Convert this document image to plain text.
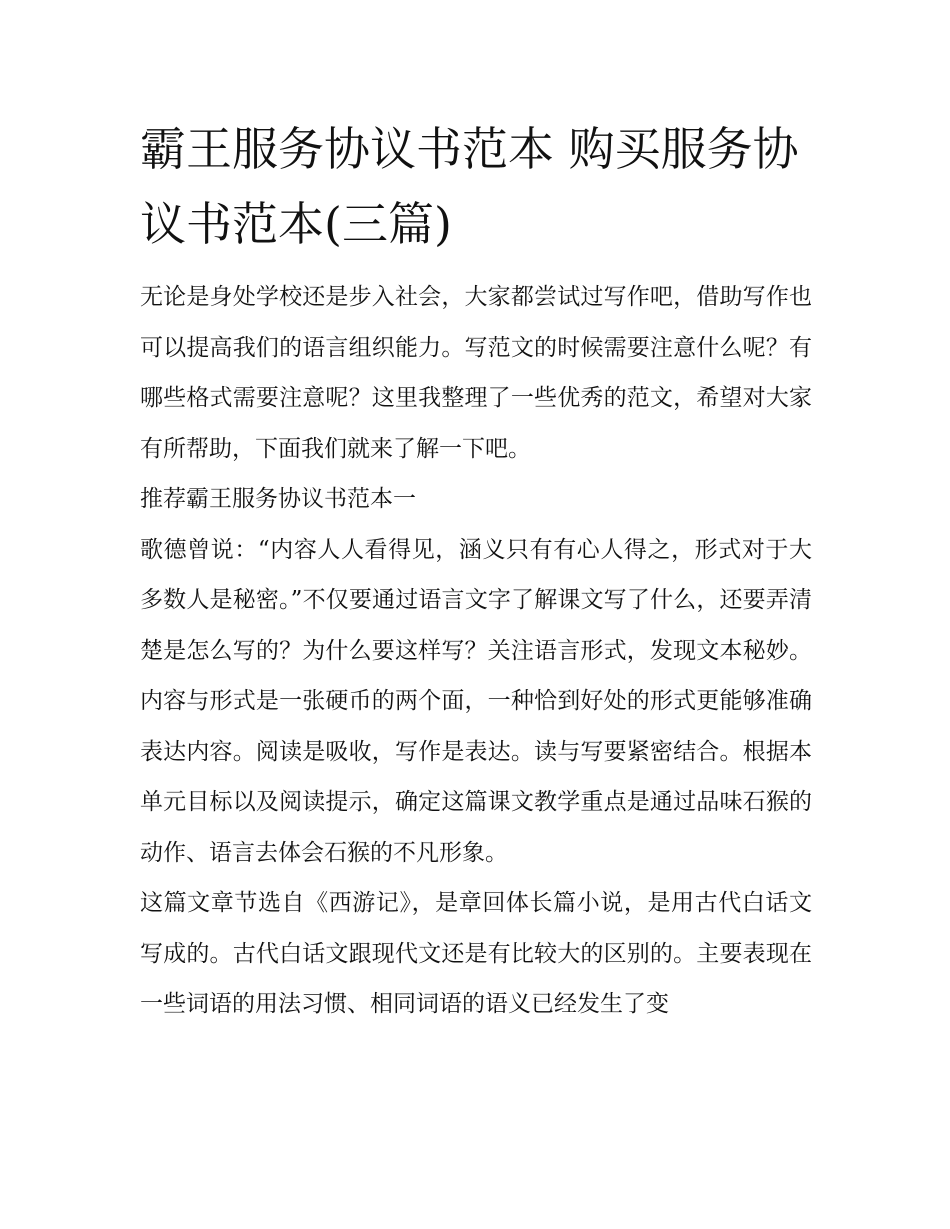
霸王服务协议书范本 购买服务协议书范本(三篇)

无论是身处学校还是步入社会，大家都尝试过写作吧，借助写作也可以提高我们的语言组织能力。写范文的时候需要注意什么呢？有哪些格式需要注意呢？这里我整理了一些优秀的范文，希望对大家有所帮助，下面我们就来了解一下吧。

推荐霸王服务协议书范本一

歌德曾说：“内容人人看得见，涵义只有有心人得之，形式对于大多数人是秘密。”不仅要通过语言文字了解课文写了什么，还要弄清楚是怎么写的？为什么要这样写？关注语言形式，发现文本秘妙。内容与形式是一张硬币的两个面，一种恰到好处的形式更能够准确表达内容。阅读是吸收，写作是表达。读与写要紧密结合。根据本单元目标以及阅读提示，确定这篇课文教学重点是通过品味石猴的动作、语言去体会石猴的不凡形象。

这篇文章节选自《西游记》，是章回体长篇小说，是用古代白话文写成的。古代白话文跟现代文还是有比较大的区别的。主要表现在一些词语的用法习惯、相同词语的语义已经发生了变
